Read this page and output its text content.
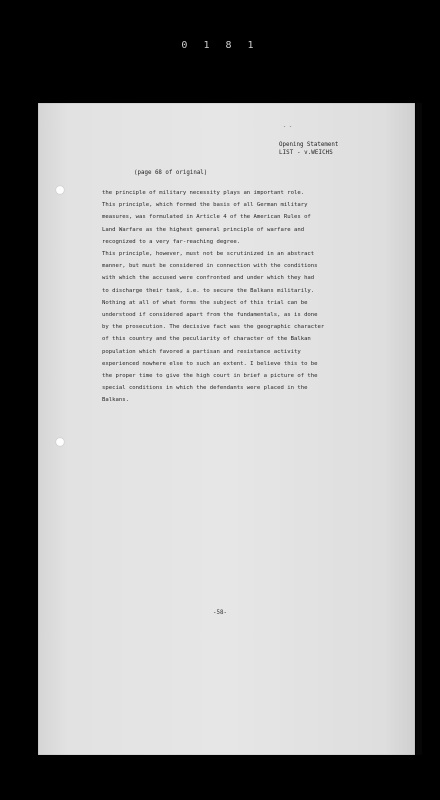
0 1 8 1
- -
Opening Statement
LIST - v.WEICHS
(page 68 of original)
the principle of military necessity plays an important role.
This principle, which formed the basis of all German military
measures, was formulated in Article 4 of the American Rules of
Land Warfare as the highest general principle of warfare and
recognized to a very far-reaching degree.
This principle, however, must not be scrutinized in an abstract
manner, but must be considered in connection with the conditions
with which the accused were confronted and under which they had
to discharge their task, i.e. to secure the Balkans militarily.
Nothing at all of what forms the subject of this trial can be
understood if considered apart from the fundamentals, as is done
by the prosecution. The decisive fact was the geographic character
of this country and the peculiarity of character of the Balkan
population which favored a partisan and resistance activity
experienced nowhere else to such an extent. I believe this to be
the proper time to give the high court in brief a picture of the
special conditions in which the defendants were placed in the
Balkans.
-58-
